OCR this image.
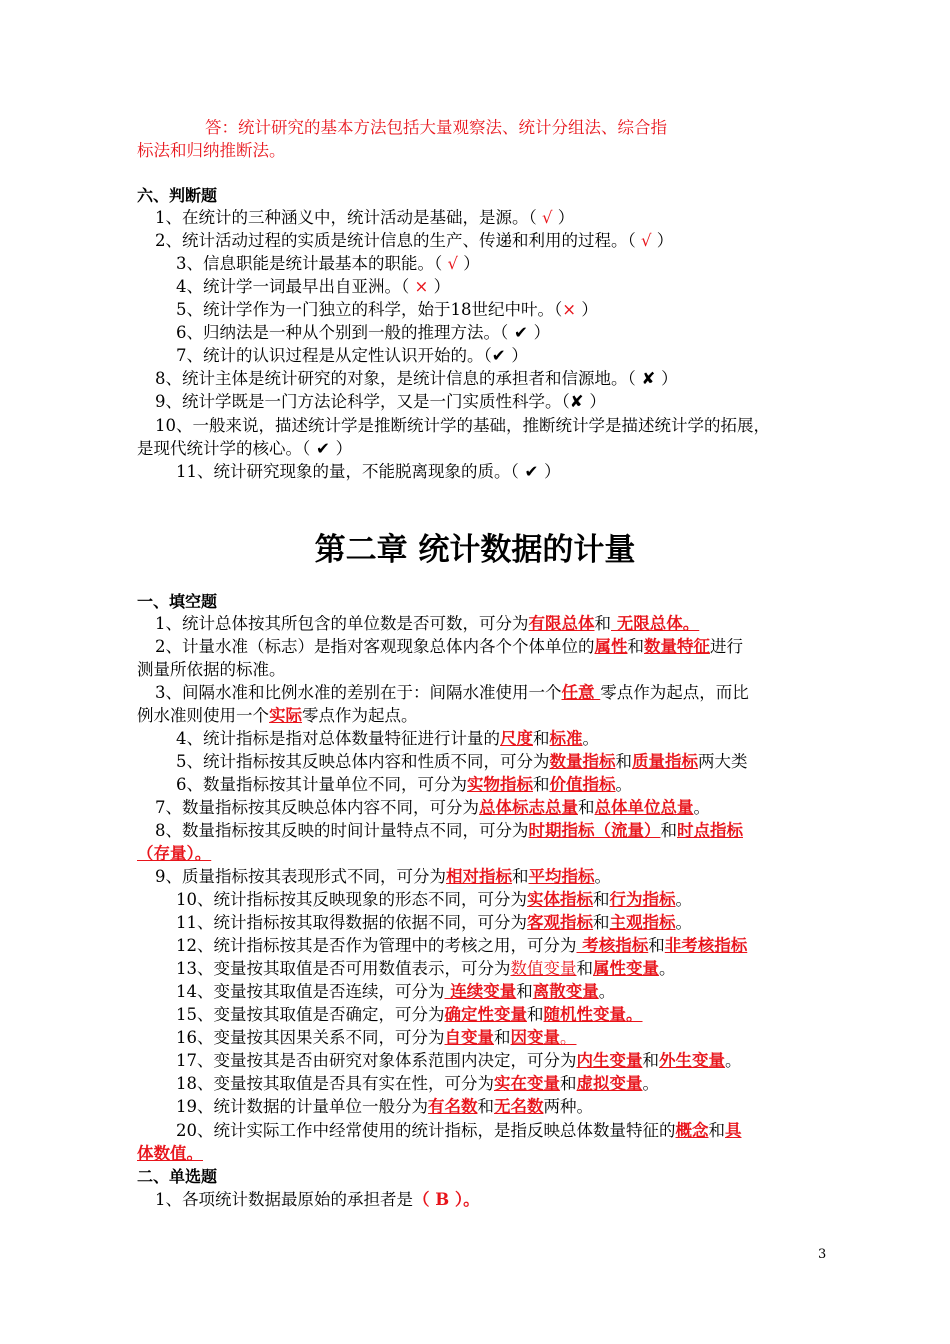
答：统计研究的基本方法包括大量观察法、统计分组法、综合指
标法和归纳推断法。
六、判断题
1、在统计的三种涵义中，统计活动是基础，是源。（ √ ）
2、统计活动过程的实质是统计信息的生产、传递和利用的过程。（ √ ）
3、信息职能是统计最基本的职能。（ √ ）
4、统计学一词最早出自亚洲。（ × ）
5、统计学作为一门独立的科学，始于18世纪中叶。（× ）
6、归纳法是一种从个别到一般的推理方法。（ ✔ ）
7、统计的认识过程是从定性认识开始的。（✔ ）
8、统计主体是统计研究的对象，是统计信息的承担者和信源地。（ ✘ ）
9、统计学既是一门方法论科学，又是一门实质性科学。（✘ ）
10、一般来说，描述统计学是推断统计学的基础，推断统计学是描述统计学的拓展，
是现代统计学的核心。（ ✔ ）
11、统计研究现象的量，不能脱离现象的质。（ ✔ ）
第二章 统计数据的计量
一、填空题
1、统计总体按其所包含的单位数是否可数，可分为有限总体和 无限总体。
2、计量水准（标志）是指对客观现象总体内各个个体单位的属性和数量特征进行
测量所依据的标准。
3、间隔水准和比例水准的差别在于：间隔水准使用一个任意 零点作为起点，而比
例水准则使用一个实际零点作为起点。
4、统计指标是指对总体数量特征进行计量的尺度和标准。
5、统计指标按其反映总体内容和性质不同，可分为数量指标和质量指标两大类
6、数量指标按其计量单位不同，可分为实物指标和价值指标。
7、数量指标按其反映总体内容不同，可分为总体标志总量和总体单位总量。
8、数量指标按其反映的时间计量特点不同，可分为时期指标（流量）和时点指标
（存量）。
9、质量指标按其表现形式不同，可分为相对指标和平均指标。
10、统计指标按其反映现象的形态不同，可分为实体指标和行为指标。
11、统计指标按其取得数据的依据不同，可分为客观指标和主观指标。
12、统计指标按其是否作为管理中的考核之用，可分为 考核指标和非考核指标
13、变量按其取值是否可用数值表示，可分为数值变量和属性变量。
14、变量按其取值是否连续，可分为 连续变量和离散变量。
15、变量按其取值是否确定，可分为确定性变量和随机性变量。
16、变量按其因果关系不同，可分为自变量和因变量。
17、变量按其是否由研究对象体系范围内决定，可分为内生变量和外生变量。
18、变量按其取值是否具有实在性，可分为实在变量和虚拟变量。
19、统计数据的计量单位一般分为有名数和无名数两种。
20、统计实际工作中经常使用的统计指标，是指反映总体数量特征的概念和具
体数值。
二、单选题
1、各项统计数据最原始的承担者是（ B ）。
3
